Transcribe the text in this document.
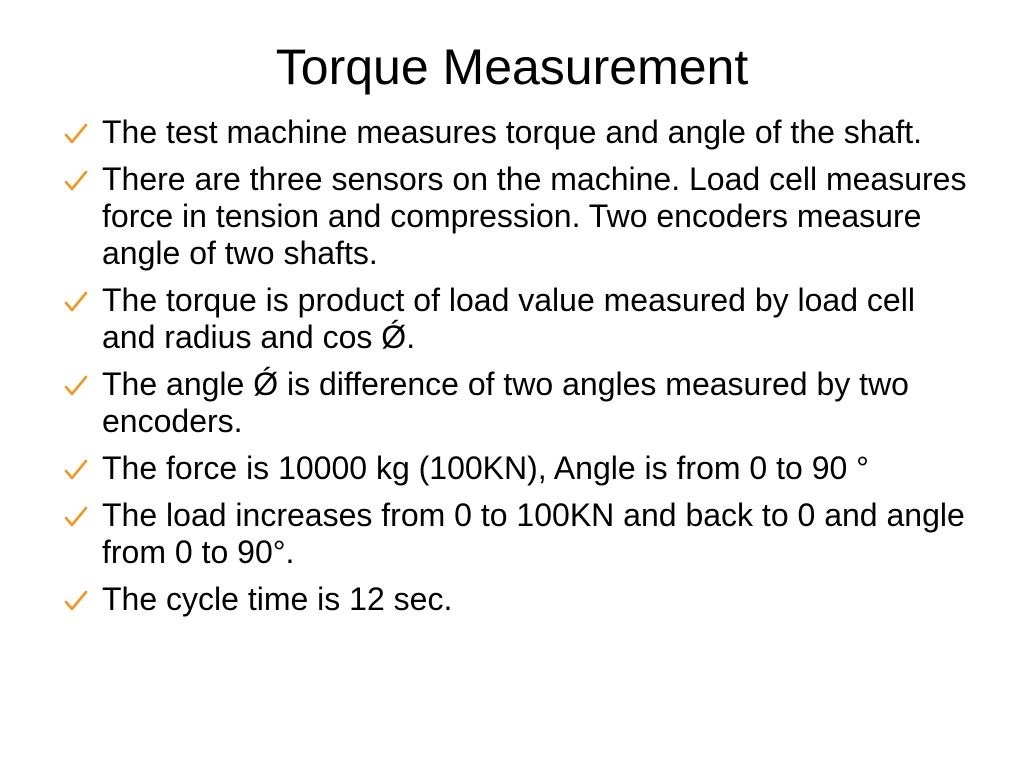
Torque Measurement
The test machine measures torque and angle of the shaft.
There are three sensors on the machine. Load cell measures force in tension and compression. Two encoders measure angle of two shafts.
The torque is product of load value measured by load cell and radius and cos Ǿ.
The angle Ǿ is difference of two angles measured by two encoders.
The force is 10000 kg (100KN), Angle is from 0 to 90 °
The load increases from 0 to 100KN and back to 0 and angle from 0 to 90°.
The cycle time is 12 sec.
